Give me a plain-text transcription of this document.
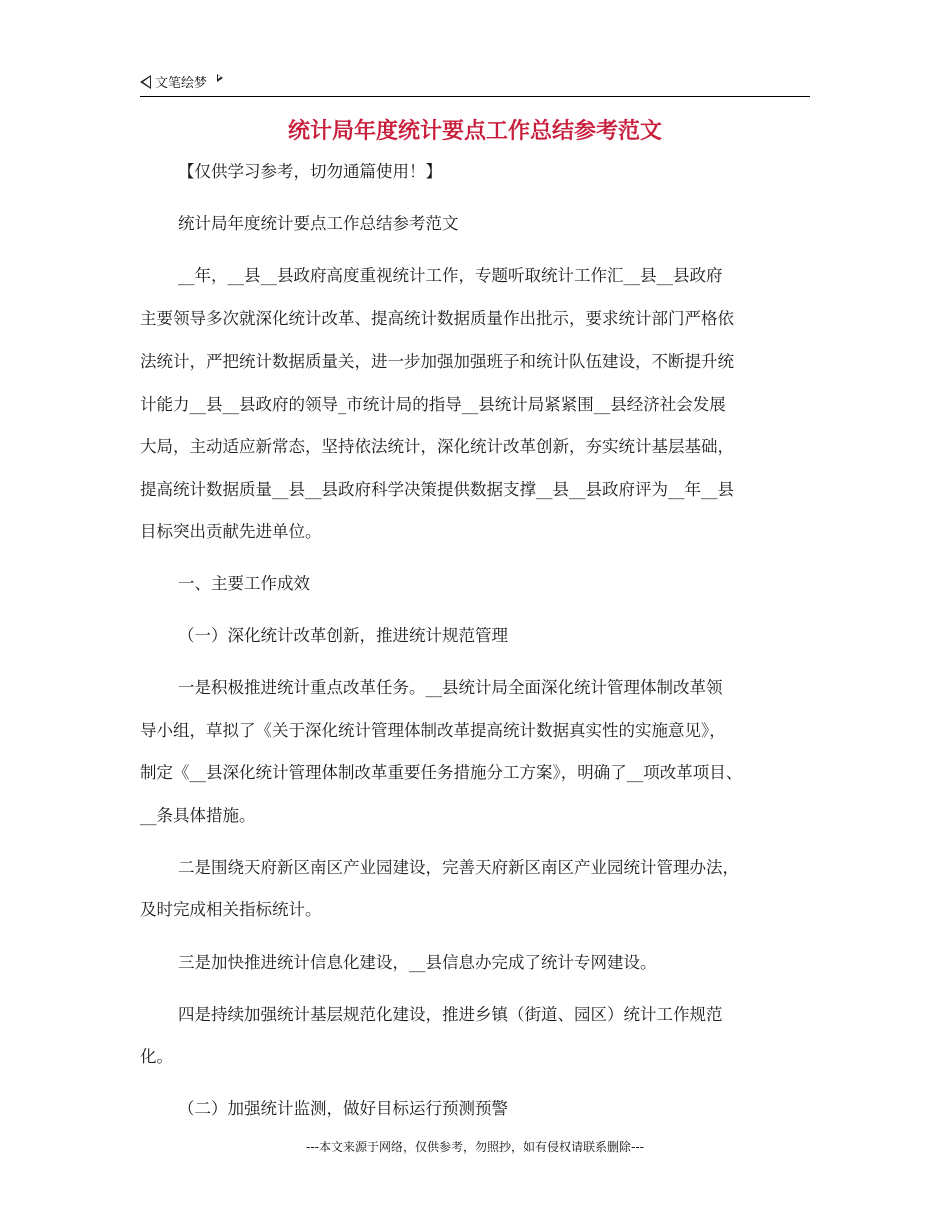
文笔绘梦
统计局年度统计要点工作总结参考范文
【仅供学习参考，切勿通篇使用！】
统计局年度统计要点工作总结参考范文
__年，__县__县政府高度重视统计工作，专题听取统计工作汇__县__县政府
主要领导多次就深化统计改革、提高统计数据质量作出批示，要求统计部门严格依
法统计，严把统计数据质量关，进一步加强加强班子和统计队伍建设，不断提升统
计能力__县__县政府的领导_市统计局的指导__县统计局紧紧围__县经济社会发展
大局，主动适应新常态，坚持依法统计，深化统计改革创新，夯实统计基层基础，
提高统计数据质量__县__县政府科学决策提供数据支撑__县__县政府评为__年__县
目标突出贡献先进单位。
一、主要工作成效
（一）深化统计改革创新，推进统计规范管理
一是积极推进统计重点改革任务。__县统计局全面深化统计管理体制改革领
导小组，草拟了《关于深化统计管理体制改革提高统计数据真实性的实施意见》，
制定《__县深化统计管理体制改革重要任务措施分工方案》，明确了__项改革项目、
__条具体措施。
二是围绕天府新区南区产业园建设，完善天府新区南区产业园统计管理办法，
及时完成相关指标统计。
三是加快推进统计信息化建设，__县信息办完成了统计专网建设。
四是持续加强统计基层规范化建设，推进乡镇（街道、园区）统计工作规范
化。
（二）加强统计监测，做好目标运行预测预警
---本文来源于网络，仅供参考，勿照抄，如有侵权请联系删除---
